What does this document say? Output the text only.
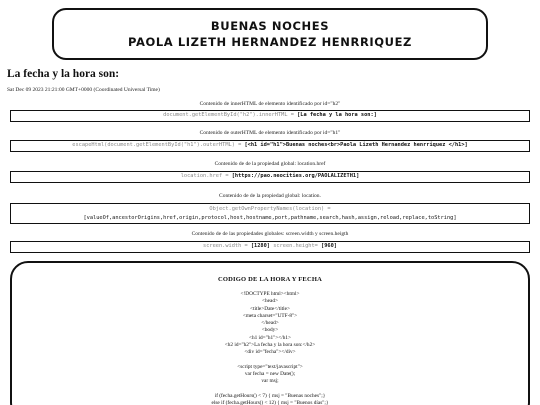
BUENAS NOCHES
PAOLA LIZETH HERNANDEZ HENRRIQUEZ
La fecha y la hora son:
Sat Dec 09 2023 21:21:00 GMT+0000 (Coordinated Universal Time)
Contenido de innerHTML de elemento identificado por id="h2"
document.getElementById("h2").innerHTML = [La fecha y la hora son:]
Contenido de outerHTML de elemento identificado por id="h1"
escapeHtml(document.getElementById("h1").outerHTML) = [<h1 id="h1">Buenas noches<br>Paola Lizeth Hernandez henrriquez </h1>]
Contenido de de la propiedad global: location.href
location.href = [https://pao.neocities.org/PAOLALIZETH1]
Contenido de de la propiedad global: location.
Object.getOwnPropertyNames(location) =
[valueOf,ancestorOrigins,href,origin,protocol,host,hostname,port,pathname,search,hash,assign,reload,replace,toString]
Contenido de de las propiedades globales: screen.width y screen.heigth
screen.width = [1280] screen.height= [960]
CODIGO DE LA HORA Y FECHA
<!DOCTYPE html><html>
<head>
<title>Date</title>
<meta charset="UTF-8">
</head>
<body>
<h1 id="h1"></h1>
<h2 id="h2">La fecha y la hora son:</h2>
<div id="fecha"></div>
<script type="text/javascript">
var fecha = new Date();
var msj;
if (fecha.getHours() < 7) { msj = "Buenas noches";}
else if (fecha.getHours() < 12) { msj = "Buenos días";}
